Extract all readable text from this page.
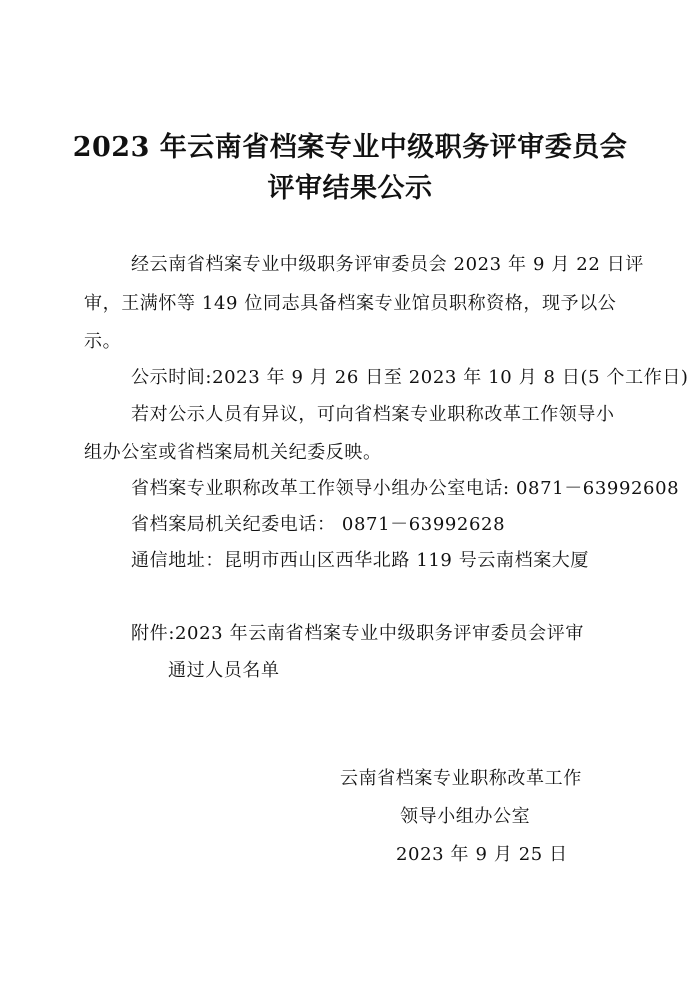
2023 年云南省档案专业中级职务评审委员会
评审结果公示
经云南省档案专业中级职务评审委员会 2023 年 9 月 22 日评
审，王满怀等 149 位同志具备档案专业馆员职称资格，现予以公
示。
公示时间:2023 年 9 月 26 日至 2023 年 10 月 8 日(5 个工作日)
若对公示人员有异议，可向省档案专业职称改革工作领导小
组办公室或省档案局机关纪委反映。
省档案专业职称改革工作领导小组办公室电话: 0871－63992608
省档案局机关纪委电话： 0871－63992628
通信地址：昆明市西山区西华北路 119 号云南档案大厦
附件:2023 年云南省档案专业中级职务评审委员会评审
通过人员名单
云南省档案专业职称改革工作
领导小组办公室
2023 年 9 月 25 日
